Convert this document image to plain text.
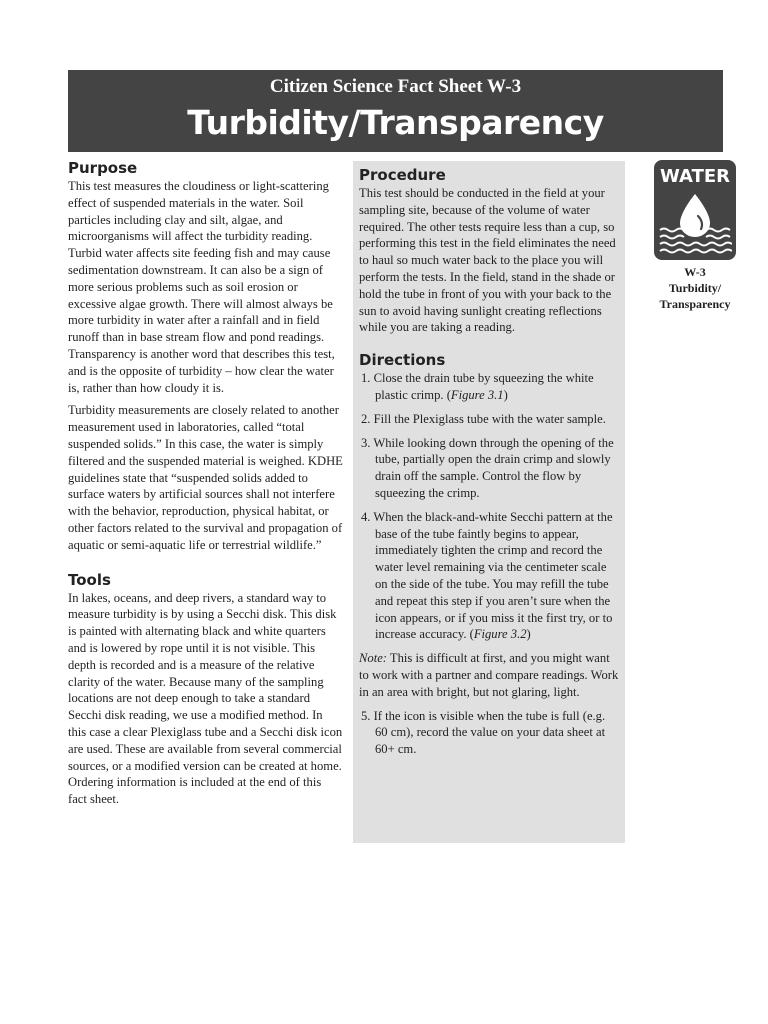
Citizen Science Fact Sheet W-3
Turbidity/Transparency
Purpose

This test measures the cloudiness or light-scattering effect of suspended materials in the water. Soil particles including clay and silt, algae, and microorganisms will affect the turbidity reading. Turbid water affects site feeding fish and may cause sedimentation downstream. It can also be a sign of more serious problems such as soil erosion or excessive algae growth. There will almost always be more turbidity in water after a rainfall and in field runoff than in base stream flow and pond readings. Transparency is another word that describes this test, and is the opposite of turbidity – how clear the water is, rather than how cloudy it is.

Turbidity measurements are closely related to another measurement used in laboratories, called “total suspended solids.” In this case, the water is simply filtered and the suspended material is weighed. KDHE guidelines state that “suspended solids added to surface waters by artificial sources shall not interfere with the behavior, reproduction, physical habitat, or other factors related to the survival and propagation of aquatic or semi-aquatic life or terrestrial wildlife.”

Tools

In lakes, oceans, and deep rivers, a standard way to measure turbidity is by using a Secchi disk. This disk is painted with alternating black and white quarters and is lowered by rope until it is not visible. This depth is recorded and is a measure of the relative clarity of the water. Because many of the sampling locations are not deep enough to take a standard Secchi disk reading, we use a modified method. In this case a clear Plexiglass tube and a Secchi disk icon are used. These are available from several commercial sources, or a modified version can be created at home. Ordering information is included at the end of this fact sheet.

Procedure

This test should be conducted in the field at your sampling site, because of the volume of water required. The other tests require less than a cup, so performing this test in the field eliminates the need to haul so much water back to the place you will perform the tests. In the field, stand in the shade or hold the tube in front of you with your back to the sun to avoid having sunlight creating reflections while you are taking a reading.

Directions
1. Close the drain tube by squeezing the white plastic crimp. (Figure 3.1)
2. Fill the Plexiglass tube with the water sample.
3. While looking down through the opening of the tube, partially open the drain crimp and slowly drain off the sample. Control the flow by squeezing the crimp.
4. When the black-and-white Secchi pattern at the base of the tube faintly begins to appear, immediately tighten the crimp and record the water level remaining via the centimeter scale on the side of the tube. You may refill the tube and repeat this step if you aren’t sure when the icon appears, or if you miss it the first try, or to increase accuracy. (Figure 3.2)

Note: This is difficult at first, and you might want to work with a partner and compare readings. Work in an area with bright, but not glaring, light.

5. If the icon is visible when the tube is full (e.g. 60 cm), record the value on your data sheet at 60+ cm.
WATER
W-3
Turbidity/
Transparency
